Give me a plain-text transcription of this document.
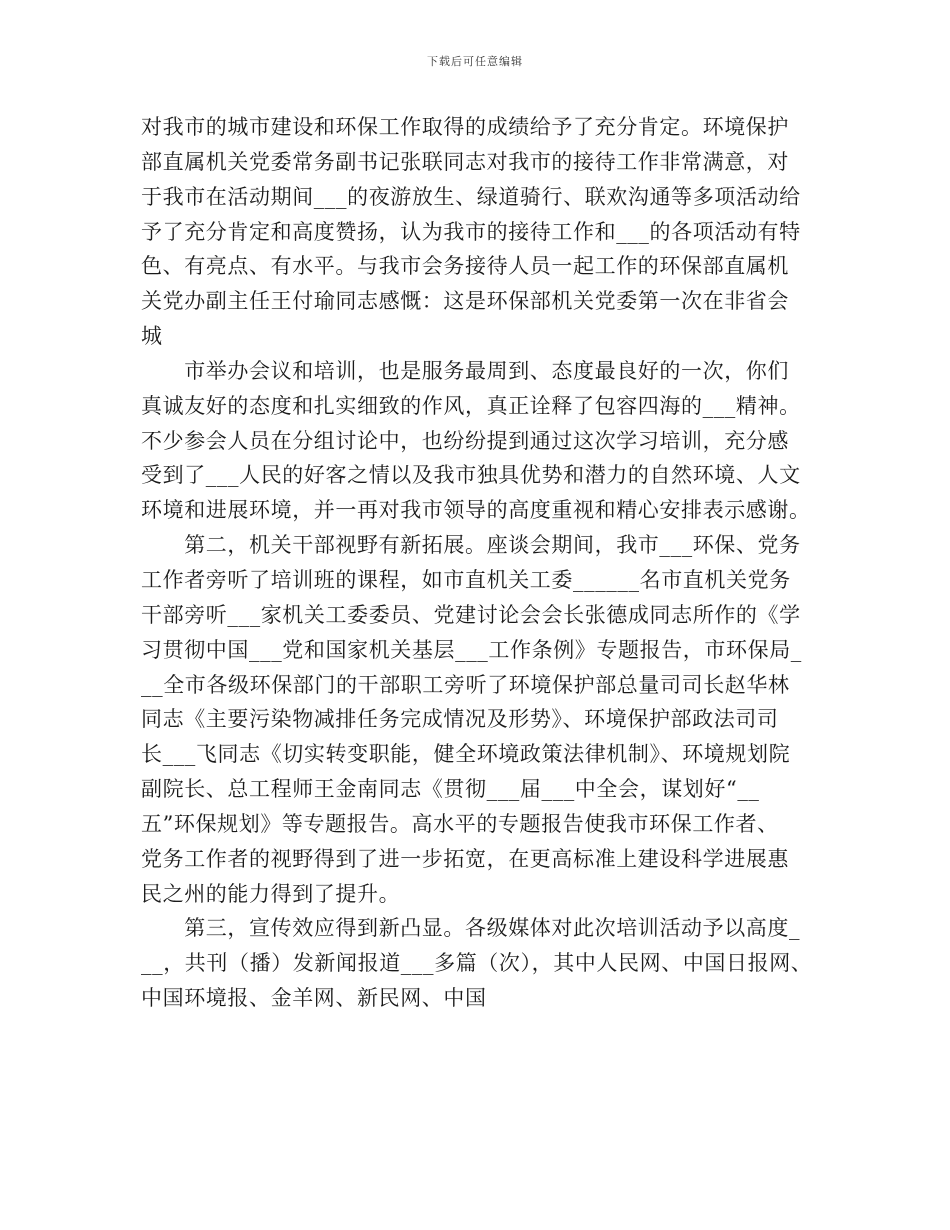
下载后可任意编辑
对我市的城市建设和环保工作取得的成绩给予了充分肯定。环境保护
部直属机关党委常务副书记张联同志对我市的接待工作非常满意，对
于我市在活动期间___的夜游放生、绿道骑行、联欢沟通等多项活动给
予了充分肯定和高度赞扬，认为我市的接待工作和___的各项活动有特
色、有亮点、有水平。与我市会务接待人员一起工作的环保部直属机
关党办副主任王付瑜同志感慨：这是环保部机关党委第一次在非省会
城
　　市举办会议和培训，也是服务最周到、态度最良好的一次，你们
真诚友好的态度和扎实细致的作风，真正诠释了包容四海的___精神。
不少参会人员在分组讨论中，也纷纷提到通过这次学习培训，充分感
受到了___人民的好客之情以及我市独具优势和潜力的自然环境、人文
环境和进展环境，并一再对我市领导的高度重视和精心安排表示感谢。
　　第二，机关干部视野有新拓展。座谈会期间，我市___环保、党务
工作者旁听了培训班的课程，如市直机关工委______名市直机关党务
干部旁听___家机关工委委员、党建讨论会会长张德成同志所作的《学
习贯彻中国___党和国家机关基层___工作条例》专题报告，市环保局_
__全市各级环保部门的干部职工旁听了环境保护部总量司司长赵华林
同志《主要污染物减排任务完成情况及形势》、环境保护部政法司司
长___飞同志《切实转变职能，健全环境政策法律机制》、环境规划院
副院长、总工程师王金南同志《贯彻___届___中全会，谋划好“__
五”环保规划》等专题报告。高水平的专题报告使我市环保工作者、
党务工作者的视野得到了进一步拓宽，在更高标准上建设科学进展惠
民之州的能力得到了提升。
　　第三，宣传效应得到新凸显。各级媒体对此次培训活动予以高度_
__，共刊（播）发新闻报道___多篇（次），其中人民网、中国日报网、
中国环境报、金羊网、新民网、中国
